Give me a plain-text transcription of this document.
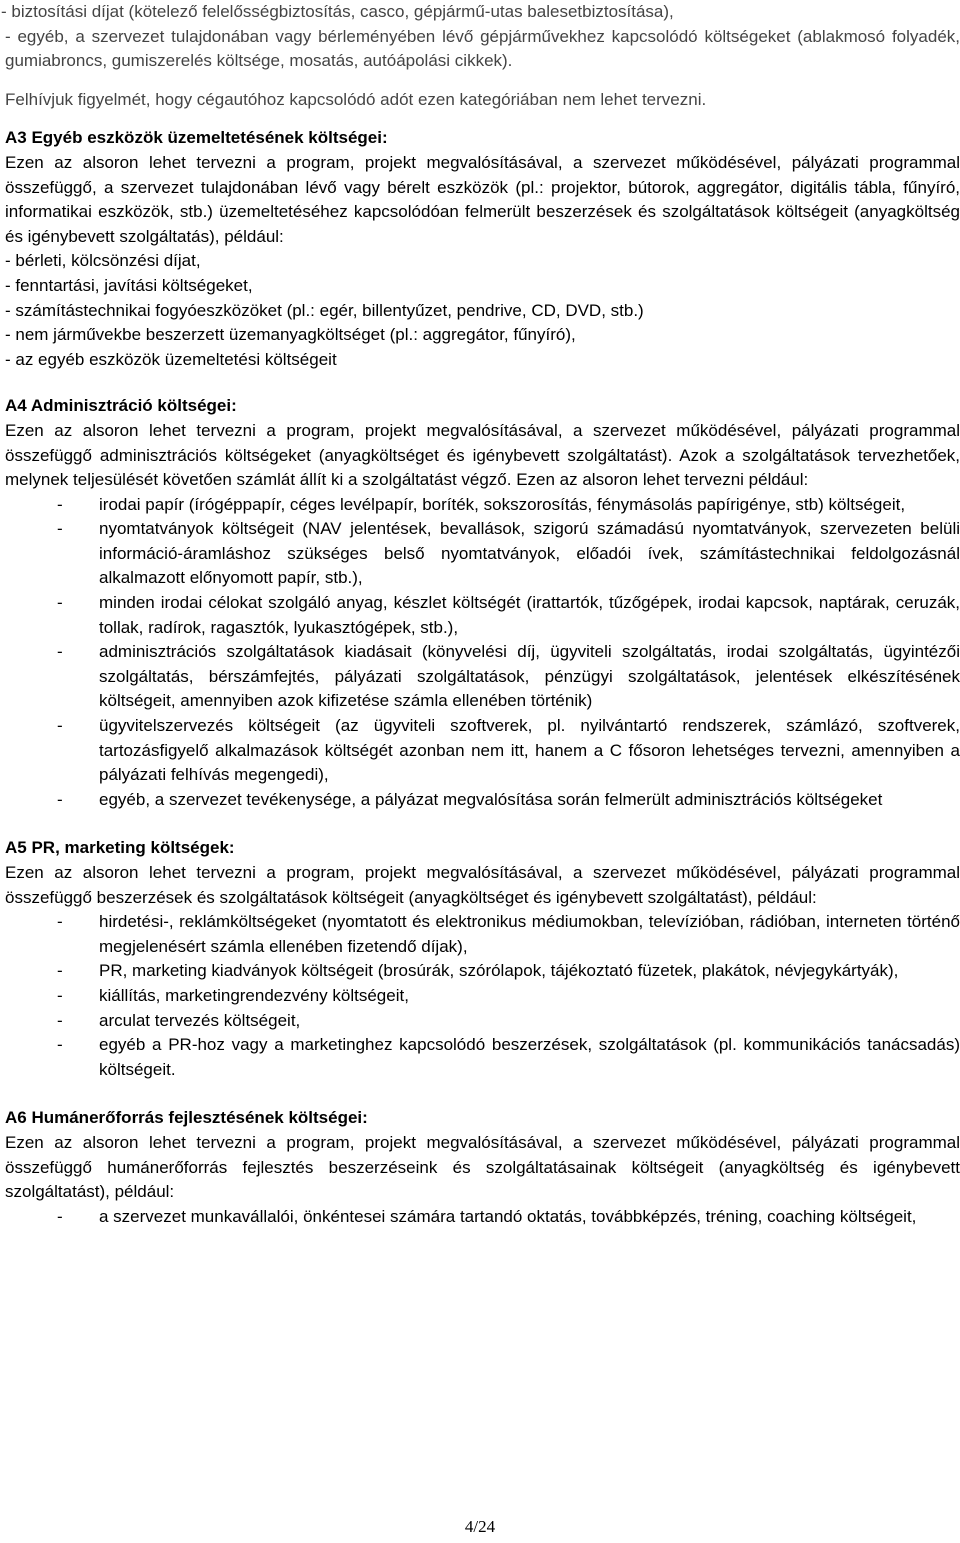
- biztosítási díjat (kötelező felelősségbiztosítás, casco, gépjármű-utas balesetbiztosítása),

- egyéb, a szervezet tulajdonában vagy bérleményében lévő gépjárművekhez kapcsolódó költségeket (ablakmosó folyadék, gumiabroncs, gumiszerelés költsége, mosatás, autóápolási cikkek).

Felhívjuk figyelmét, hogy cégautóhoz kapcsolódó adót ezen kategóriában nem lehet tervezni.

A3 Egyéb eszközök üzemeltetésének költségei:

Ezen az alsoron lehet tervezni a program, projekt megvalósításával, a szervezet működésével, pályázati programmal összefüggő, a szervezet tulajdonában lévő vagy bérelt eszközök (pl.: projektor, bútorok, aggregátor, digitális tábla, fűnyíró, informatikai eszközök, stb.) üzemeltetéséhez kapcsolódóan felmerült beszerzések és szolgáltatások költségeit (anyagköltség és igénybevett szolgáltatás), például:

- bérleti, kölcsönzési díjat,

- fenntartási, javítási költségeket,

- számítástechnikai fogyóeszközöket (pl.: egér, billentyűzet, pendrive, CD, DVD, stb.)

- nem járművekbe beszerzett üzemanyagköltséget (pl.: aggregátor, fűnyíró),

- az egyéb eszközök üzemeltetési költségeit

A4 Adminisztráció költségei:

Ezen az alsoron lehet tervezni a program, projekt megvalósításával, a szervezet működésével, pályázati programmal összefüggő adminisztrációs költségeket (anyagköltséget és igénybevett szolgáltatást). Azok a szolgáltatások tervezhetőek, melynek teljesülését követően számlát állít ki a szolgáltatást végző. Ezen az alsoron lehet tervezni például:

- irodai papír (írógéppapír, céges levélpapír, boríték, sokszorosítás, fénymásolás papírigénye, stb) költségeit,
- nyomtatványok költségeit (NAV jelentések, bevallások, szigorú számadású nyomtatványok, szervezeten belüli információ-áramláshoz szükséges belső nyomtatványok, előadói ívek, számítástechnikai feldolgozásnál alkalmazott előnyomott papír, stb.),
- minden irodai célokat szolgáló anyag, készlet költségét (irattartók, tűzőgépek, irodai kapcsok, naptárak, ceruzák, tollak, radírok, ragasztók, lyukasztógépek, stb.),
- adminisztrációs szolgáltatások kiadásait (könyvelési díj, ügyviteli szolgáltatás, irodai szolgáltatás, ügyintézői szolgáltatás, bérszámfejtés, pályázati szolgáltatások, pénzügyi szolgáltatások, jelentések elkészítésének költségeit, amennyiben azok kifizetése számla ellenében történik)
- ügyvitelszervezés költségeit (az ügyviteli szoftverek, pl. nyilvántartó rendszerek, számlázó, szoftverek, tartozásfigyelő alkalmazások költségét azonban nem itt, hanem a C fősoron lehetséges tervezni, amennyiben a pályázati felhívás megengedi),
- egyéb, a szervezet tevékenysége, a pályázat megvalósítása során felmerült adminisztrációs költségeket
A5 PR, marketing költségek:

Ezen az alsoron lehet tervezni a program, projekt megvalósításával, a szervezet működésével, pályázati programmal összefüggő beszerzések és szolgáltatások költségeit (anyagköltséget és igénybevett szolgáltatást), például:

- hirdetési-, reklámköltségeket (nyomtatott és elektronikus médiumokban, televízióban, rádióban, interneten történő megjelenésért számla ellenében fizetendő díjak),
- PR, marketing kiadványok költségeit (brosúrák, szórólapok, tájékoztató füzetek, plakátok, névjegykártyák),
- kiállítás, marketingrendezvény költségeit,
- arculat tervezés költségeit,
- egyéb a PR-hoz vagy a marketinghez kapcsolódó beszerzések, szolgáltatások (pl. kommunikációs tanácsadás) költségeit.
A6 Humánerőforrás fejlesztésének költségei:

Ezen az alsoron lehet tervezni a program, projekt megvalósításával, a szervezet működésével, pályázati programmal összefüggő humánerőforrás fejlesztés beszerzéseink és szolgáltatásainak költségeit (anyagköltség és igénybevett szolgáltatást), például:

- a szervezet munkavállalói, önkéntesei számára tartandó oktatás, továbbképzés, tréning, coaching költségeit,
4/24
